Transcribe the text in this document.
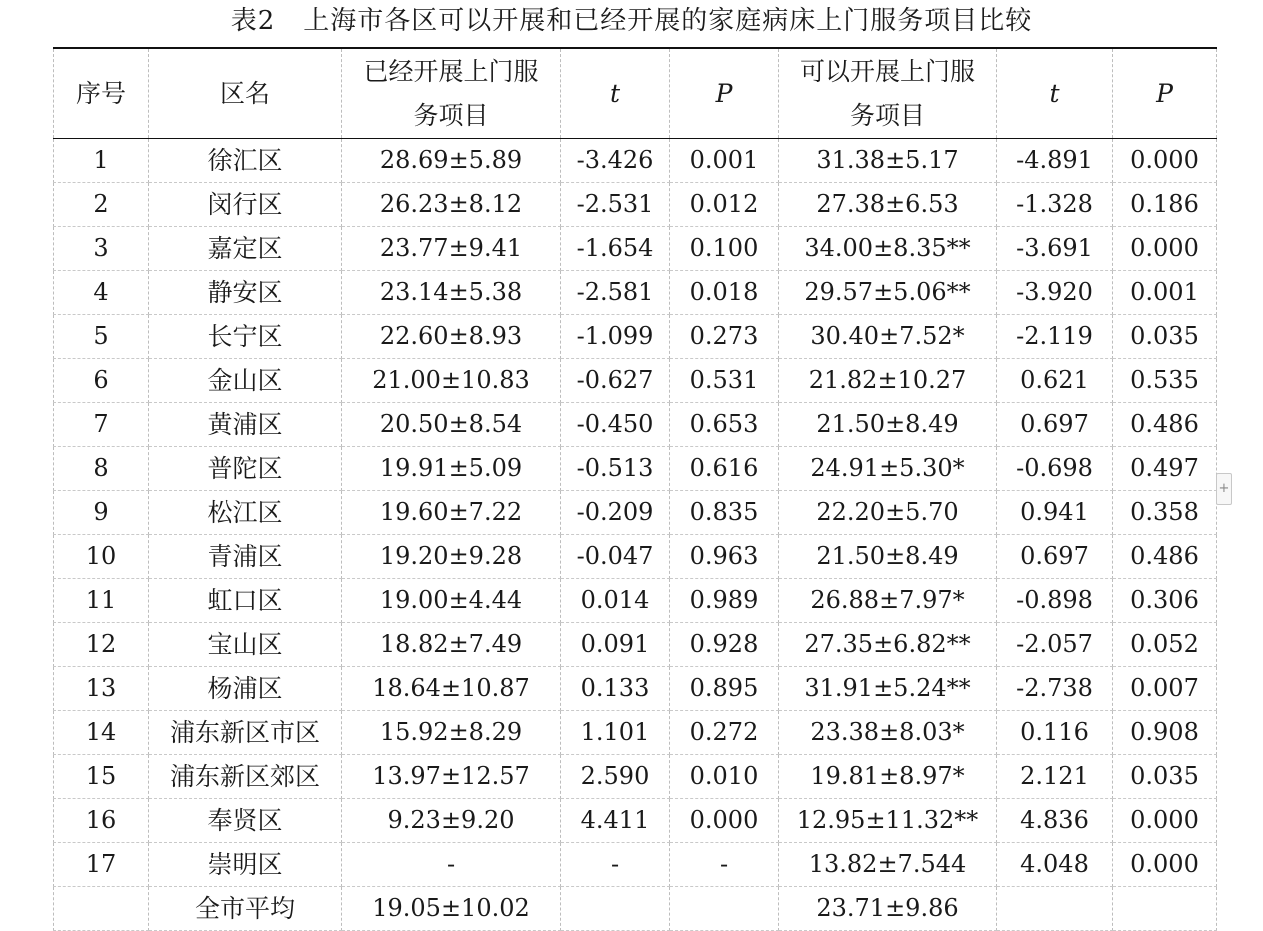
表2 上海市各区可以开展和已经开展的家庭病床上门服务项目比较
序号	区名	已经开展上门服务项目	t	P	可以开展上门服务项目	t	P
1	徐汇区	28.69±5.89	-3.426	0.001	31.38±5.17	-4.891	0.000
2	闵行区	26.23±8.12	-2.531	0.012	27.38±6.53	-1.328	0.186
3	嘉定区	23.77±9.41	-1.654	0.100	34.00±8.35**	-3.691	0.000
4	静安区	23.14±5.38	-2.581	0.018	29.57±5.06**	-3.920	0.001
5	长宁区	22.60±8.93	-1.099	0.273	30.40±7.52*	-2.119	0.035
6	金山区	21.00±10.83	-0.627	0.531	21.82±10.27	0.621	0.535
7	黄浦区	20.50±8.54	-0.450	0.653	21.50±8.49	0.697	0.486
8	普陀区	19.91±5.09	-0.513	0.616	24.91±5.30*	-0.698	0.497
9	松江区	19.60±7.22	-0.209	0.835	22.20±5.70	0.941	0.358
10	青浦区	19.20±9.28	-0.047	0.963	21.50±8.49	0.697	0.486
11	虹口区	19.00±4.44	0.014	0.989	26.88±7.97*	-0.898	0.306
12	宝山区	18.82±7.49	0.091	0.928	27.35±6.82**	-2.057	0.052
13	杨浦区	18.64±10.87	0.133	0.895	31.91±5.24**	-2.738	0.007
14	浦东新区市区	15.92±8.29	1.101	0.272	23.38±8.03*	0.116	0.908
15	浦东新区郊区	13.97±12.57	2.590	0.010	19.81±8.97*	2.121	0.035
16	奉贤区	9.23±9.20	4.411	0.000	12.95±11.32**	4.836	0.000
17	崇明区	-	-	-	13.82±7.544	4.048	0.000
	全市平均	19.05±10.02			23.71±9.86		
+
